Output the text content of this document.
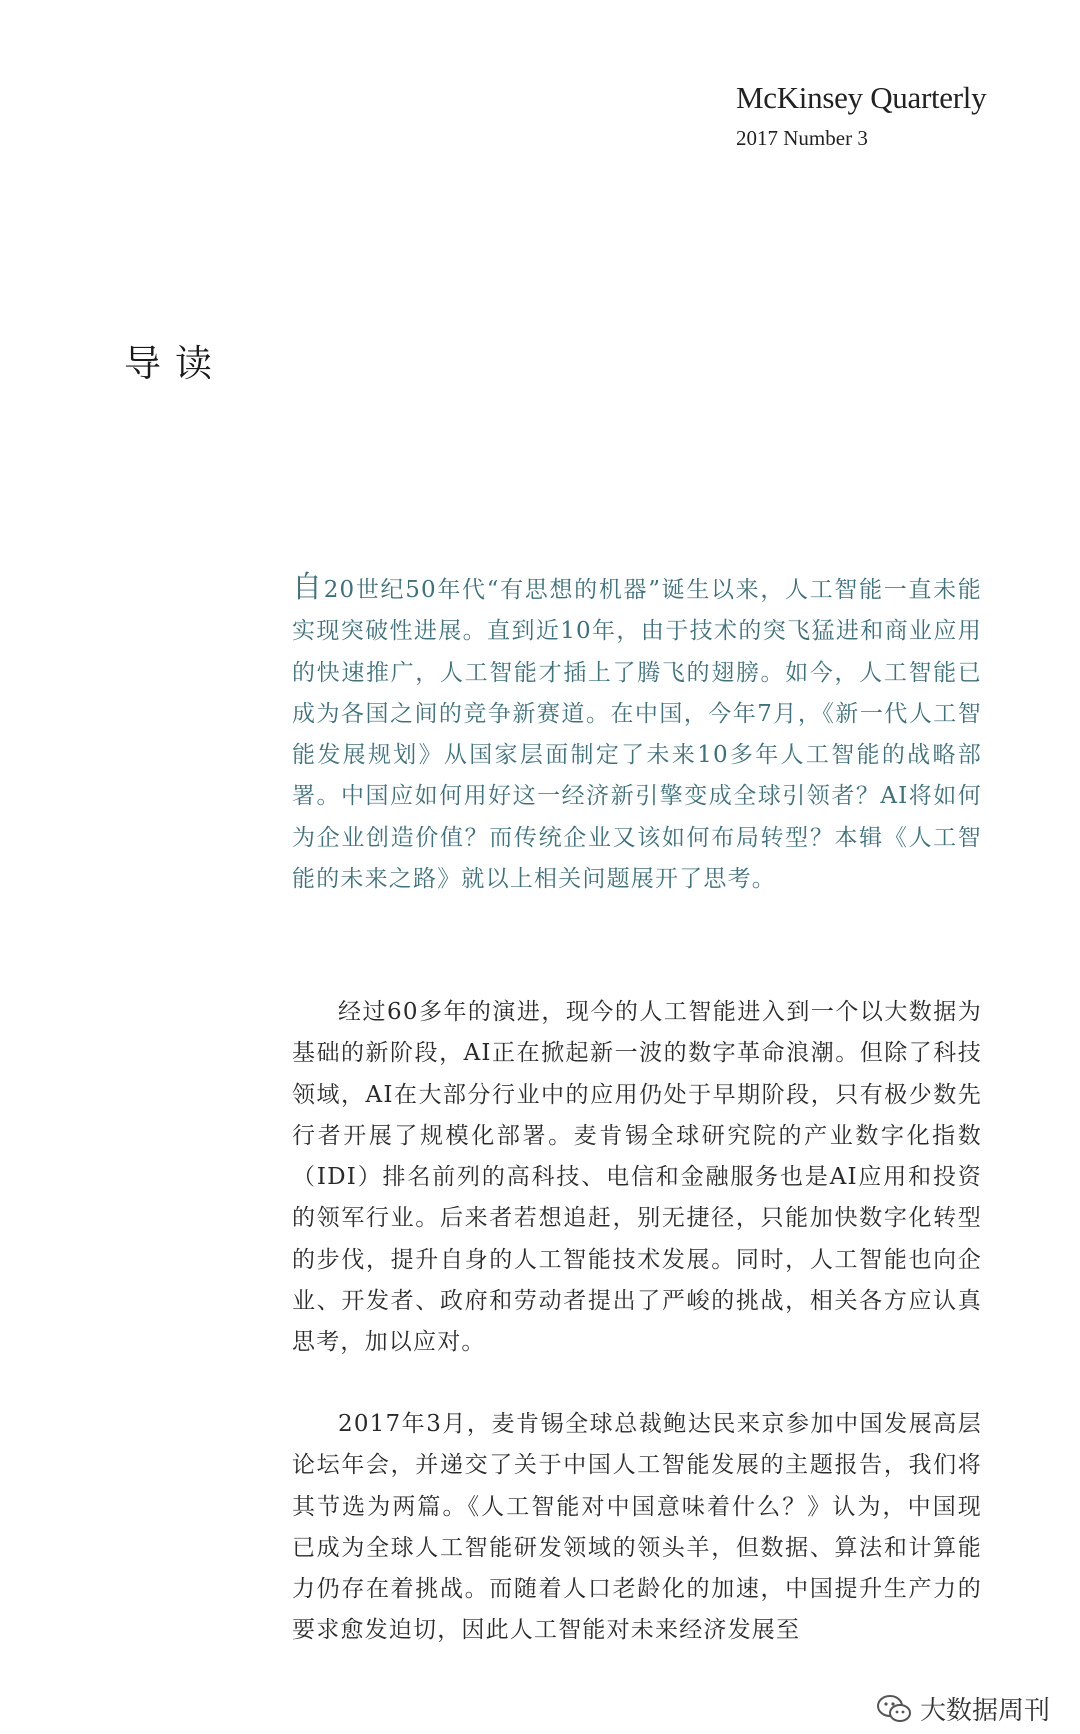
McKinsey Quarterly
2017 Number 3
导读

自20世纪50年代“有思想的机器”诞生以来，人工智能一直未能实现突破性进展。直到近10年，由于技术的突飞猛进和商业应用的快速推广，人工智能才插上了腾飞的翅膀。如今，人工智能已成为各国之间的竞争新赛道。在中国，今年7月，《新一代人工智能发展规划》从国家层面制定了未来10多年人工智能的战略部署。中国应如何用好这一经济新引擎变成全球引领者？AI将如何为企业创造价值？而传统企业又该如何布局转型？本辑《人工智能的未来之路》就以上相关问题展开了思考。

经过60多年的演进，现今的人工智能进入到一个以大数据为基础的新阶段，AI正在掀起新一波的数字革命浪潮。但除了科技领域，AI在大部分行业中的应用仍处于早期阶段，只有极少数先行者开展了规模化部署。麦肯锡全球研究院的产业数字化指数（IDI）排名前列的高科技、电信和金融服务也是AI应用和投资的领军行业。后来者若想追赶，别无捷径，只能加快数字化转型的步伐，提升自身的人工智能技术发展。同时，人工智能也向企业、开发者、政府和劳动者提出了严峻的挑战，相关各方应认真思考，加以应对。

2017年3月，麦肯锡全球总裁鲍达民来京参加中国发展高层论坛年会，并递交了关于中国人工智能发展的主题报告，我们将其节选为两篇。《人工智能对中国意味着什么？》认为，中国现已成为全球人工智能研发领域的领头羊，但数据、算法和计算能力仍存在着挑战。而随着人口老龄化的加速，中国提升生产力的要求愈发迫切，因此人工智能对未来经济发展至

大数据周刊
